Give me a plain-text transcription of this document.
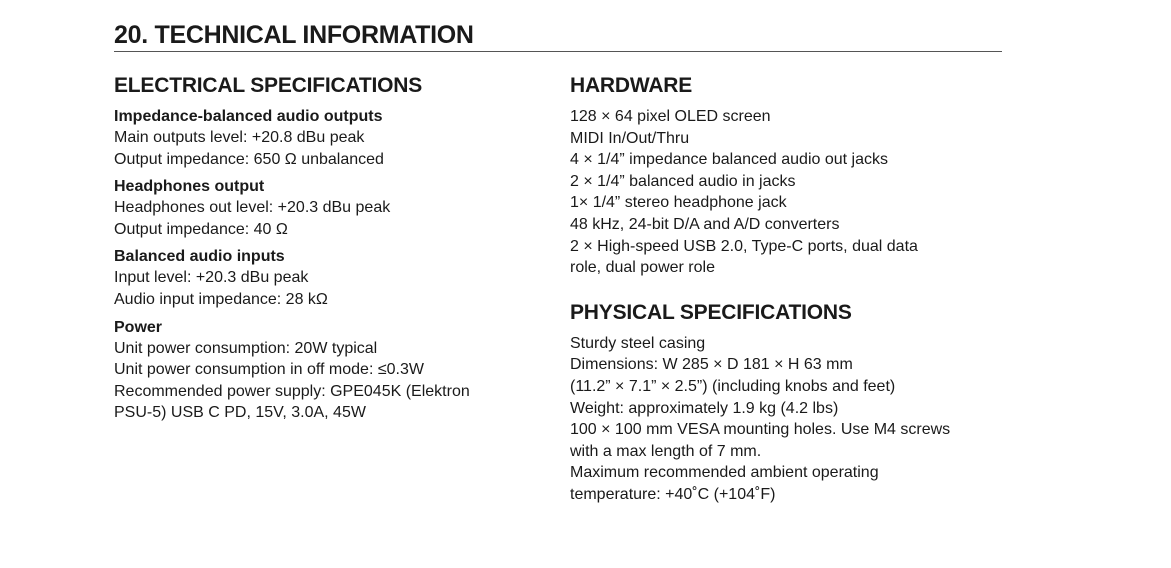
20. TECHNICAL INFORMATION
ELECTRICAL SPECIFICATIONS
Impedance-balanced audio outputs
Main outputs level: +20.8 dBu peak
Output impedance: 650 Ω unbalanced
Headphones output
Headphones out level: +20.3 dBu peak
Output impedance: 40 Ω
Balanced audio inputs
Input level: +20.3 dBu peak
Audio input impedance: 28 kΩ
Power
Unit power consumption: 20W typical
Unit power consumption in off mode: ≤0.3W
Recommended power supply: GPE045K (Elektron
PSU-5) USB C PD, 15V, 3.0A, 45W
HARDWARE
128 × 64 pixel OLED screen
MIDI In/Out/Thru
4 × 1/4” impedance balanced audio out jacks
2 × 1/4” balanced audio in jacks
1× 1/4” stereo headphone jack
48 kHz, 24-bit D/A and A/D converters
2 × High-speed USB 2.0, Type-C ports, dual data
role, dual power role
PHYSICAL SPECIFICATIONS
Sturdy steel casing
Dimensions: W 285 × D 181 × H 63 mm
(11.2” × 7.1” × 2.5”) (including knobs and feet)
Weight: approximately 1.9 kg (4.2 lbs)
100 × 100 mm VESA mounting holes. Use M4 screws
with a max length of 7 mm.
Maximum recommended ambient operating
temperature: +40˚C (+104˚F)
